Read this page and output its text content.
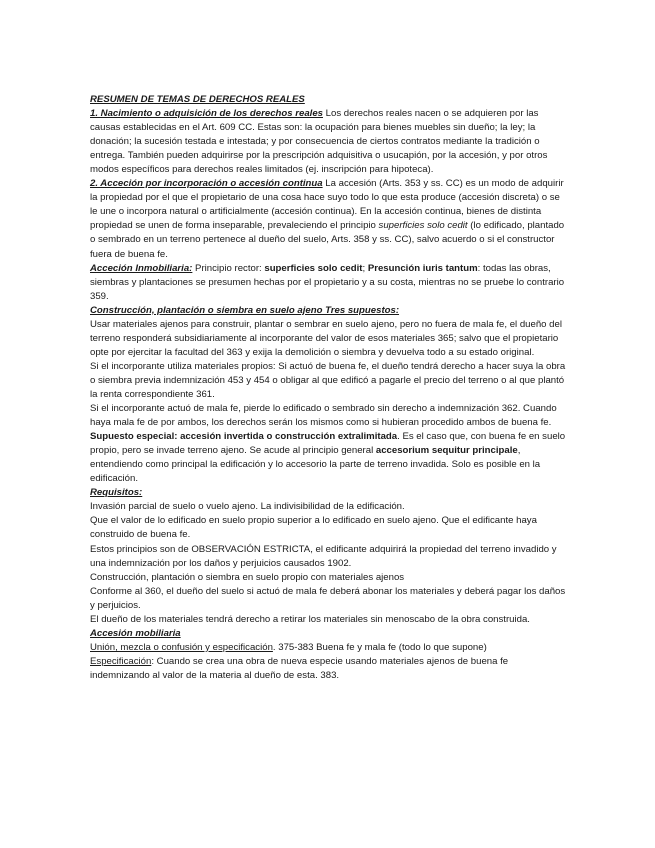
RESUMEN DE TEMAS DE DERECHOS REALES

1. Nacimiento o adquisición de los derechos reales Los derechos reales nacen o se adquieren por las causas establecidas en el Art. 609 CC. Estas son: la ocupación para bienes muebles sin dueño; la ley; la donación; la sucesión testada e intestada; y por consecuencia de ciertos contratos mediante la tradición o entrega. También pueden adquirirse por la prescripción adquisitiva o usucapión, por la accesión, y por otros modos específicos para derechos reales limitados (ej. inscripción para hipoteca).

2. Acceción por incorporación o accesión continua La accesión (Arts. 353 y ss. CC) es un modo de adquirir la propiedad por el que el propietario de una cosa hace suyo todo lo que esta produce (accesión discreta) o se le une o incorpora natural o artificialmente (accesión continua). En la accesión continua, bienes de distinta propiedad se unen de forma inseparable, prevaleciendo el principio superficies solo cedit (lo edificado, plantado o sembrado en un terreno pertenece al dueño del suelo, Arts. 358 y ss. CC), salvo acuerdo o si el constructor fuera de buena fe.

Acceción Inmobiliaria: Principio rector: superficies solo cedit; Presunción iuris tantum: todas las obras, siembras y plantaciones se presumen hechas por el propietario y a su costa, mientras no se pruebe lo contrario 359.

Construcción, plantación o siembra en suelo ajeno Tres supuestos:

Usar materiales ajenos para construir, plantar o sembrar en suelo ajeno, pero no fuera de mala fe, el dueño del terreno responderá subsidiariamente al incorporante del valor de esos materiales 365; salvo que el propietario opte por ejercitar la facultad del 363 y exija la demolición o siembra y devuelva todo a su estado original.

Si el incorporante utiliza materiales propios: Si actuó de buena fe, el dueño tendrá derecho a hacer suya la obra o siembra previa indemnización 453 y 454 o obligar al que edificó a pagarle el precio del terreno o al que plantó la renta correspondiente 361.

Si el incorporante actuó de mala fe, pierde lo edificado o sembrado sin derecho a indemnización 362. Cuando haya mala fe de por ambos, los derechos serán los mismos como si hubieran procedido ambos de buena fe.

Supuesto especial: accesión invertida o construcción extralimitada. Es el caso que, con buena fe en suelo propio, pero se invade terreno ajeno. Se acude al principio general accesorium sequitur principale, entendiendo como principal la edificación y lo accesorio la parte de terreno invadida. Solo es posible en la edificación.

Requisitos:

Invasión parcial de suelo o vuelo ajeno. La indivisibilidad de la edificación.

Que el valor de lo edificado en suelo propio superior a lo edificado en suelo ajeno. Que el edificante haya construido de buena fe.

Estos principios son de OBSERVACIÓN ESTRICTA, el edificante adquirirá la propiedad del terreno invadido y una indemnización por los daños y perjuicios causados 1902.

Construcción, plantación o siembra en suelo propio con materiales ajenos

Conforme al 360, el dueño del suelo si actuó de mala fe deberá abonar los materiales y deberá pagar los daños y perjuicios.

El dueño de los materiales tendrá derecho a retirar los materiales sin menoscabo de la obra construida.

Accesión mobiliaria

Unión, mezcla o confusión y especificación. 375-383 Buena fe y mala fe (todo lo que supone)

Especificación: Cuando se crea una obra de nueva especie usando materiales ajenos de buena fe indemnizando al valor de la materia al dueño de esta. 383.
